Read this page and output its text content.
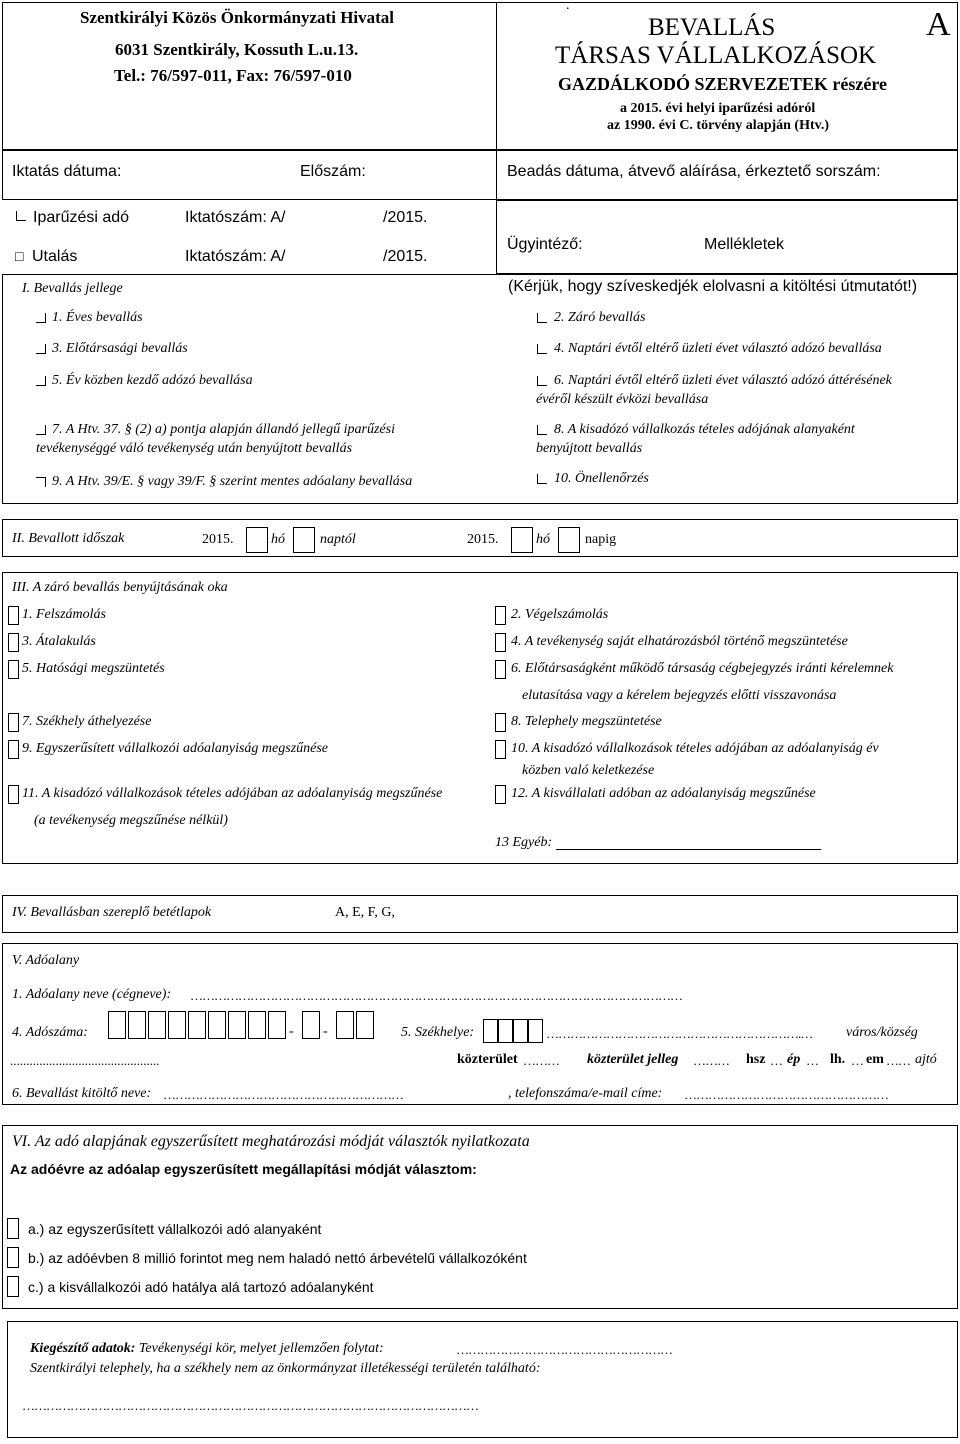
Szentkirályi Közös Önkormányzati Hivatal
6031 Szentkirály, Kossuth L.u.13.
Tel.: 76/597-011, Fax: 76/597-010
.
BEVALLÁS
TÁRSAS VÁLLALKOZÁSOK
GAZDÁLKODÓ SZERVEZETEK részére
a 2015. évi helyi iparűzési adóról
az 1990. évi C. törvény alapján (Htv.)
A
Iktatás dátuma:	Előszám:	Beadás dátuma, átvevő aláírása, érkeztető sorszám:
Iparűzési adó	Iktatószám: A/	/2015.
□ Utalás	Iktatószám: A/	/2015.
Ügyintéző:	Mellékletek
I. Bevallás jellege	(Kérjük, hogy szíveskedjék elolvasni a kitöltési útmutatót!)
1. Éves bevallás	2. Záró bevallás
3. Előtársasági bevallás	4. Naptári évtől eltérő üzleti évet választó adózó bevallása
5. Év közben kezdő adózó bevallása	6. Naptári évtől eltérő üzleti évet választó adózó áttérésének
évéről készült évközi bevallása
7. A Htv. 37. § (2) a) pontja alapján állandó jellegű iparűzési
tevékenységgé váló tevékenység után benyújtott bevallás
8. A kisadózó vállalkozás tételes adójának alanyaként
benyújtott bevallás
9. A Htv. 39/E. § vagy 39/F. § szerint mentes adóalany bevallása	10. Önellenőrzés
II. Bevallott időszak	2015.	hó	naptól	2015.	hó	napig
III. A záró bevallás benyújtásának oka
1. Felszámolás	2. Végelszámolás
3. Átalakulás	4. A tevékenység saját elhatározásból történő megszüntetése
5. Hatósági megszüntetés	6. Előtársaságként működő társaság cégbejegyzés iránti kérelemnek
elutasítása vagy a kérelem bejegyzés előtti visszavonása
7. Székhely áthelyezése	8. Telephely megszüntetése
9. Egyszerűsített vállalkozói adóalanyiság megszűnése	10. A kisadózó vállalkozások tételes adójában az adóalanyiság év
közben való keletkezése
11. A kisadózó vállalkozások tételes adójában az adóalanyiság megszűnése	12. A kisvállalati adóban az adóalanyiság megszűnése
(a tevékenység megszűnése nélkül)
13 Egyéb:
IV. Bevallásban szereplő betétlapok	A, E, F, G,
V. Adóalany
1. Adóalany neve (cégneve): ……………………………………………………………………………………………………………
4. Adószáma:	- -	5. Székhelye:	……………………………………………………….… város/község
..............................................	közterület ……… közterület jelleg ……… hsz … ép … lh. … em …… ajtó
6. Bevallást kitöltő neve: ……………………………………………………	, telefonszáma/e-mail címe: ……………………………………………
VI. Az adó alapjának egyszerűsített meghatározási módját választók nyilatkozata
Az adóévre az adóalap egyszerűsített megállapítási módját választom:
a.) az egyszerűsített vállalkozói adó alanyaként
b.) az adóévben 8 millió forintot meg nem haladó nettó árbevételű vállalkozóként
c.) a kisvállalkozói adó hatálya alá tartozó adóalanyként
Kiegészítő adatok: Tevékenységi kör, melyet jellemzően folytat:	………………………………………………
Szentkirályi telephely, ha a székhely nem az önkormányzat illetékességi területén található:
……………………………………………………………………………………………………
